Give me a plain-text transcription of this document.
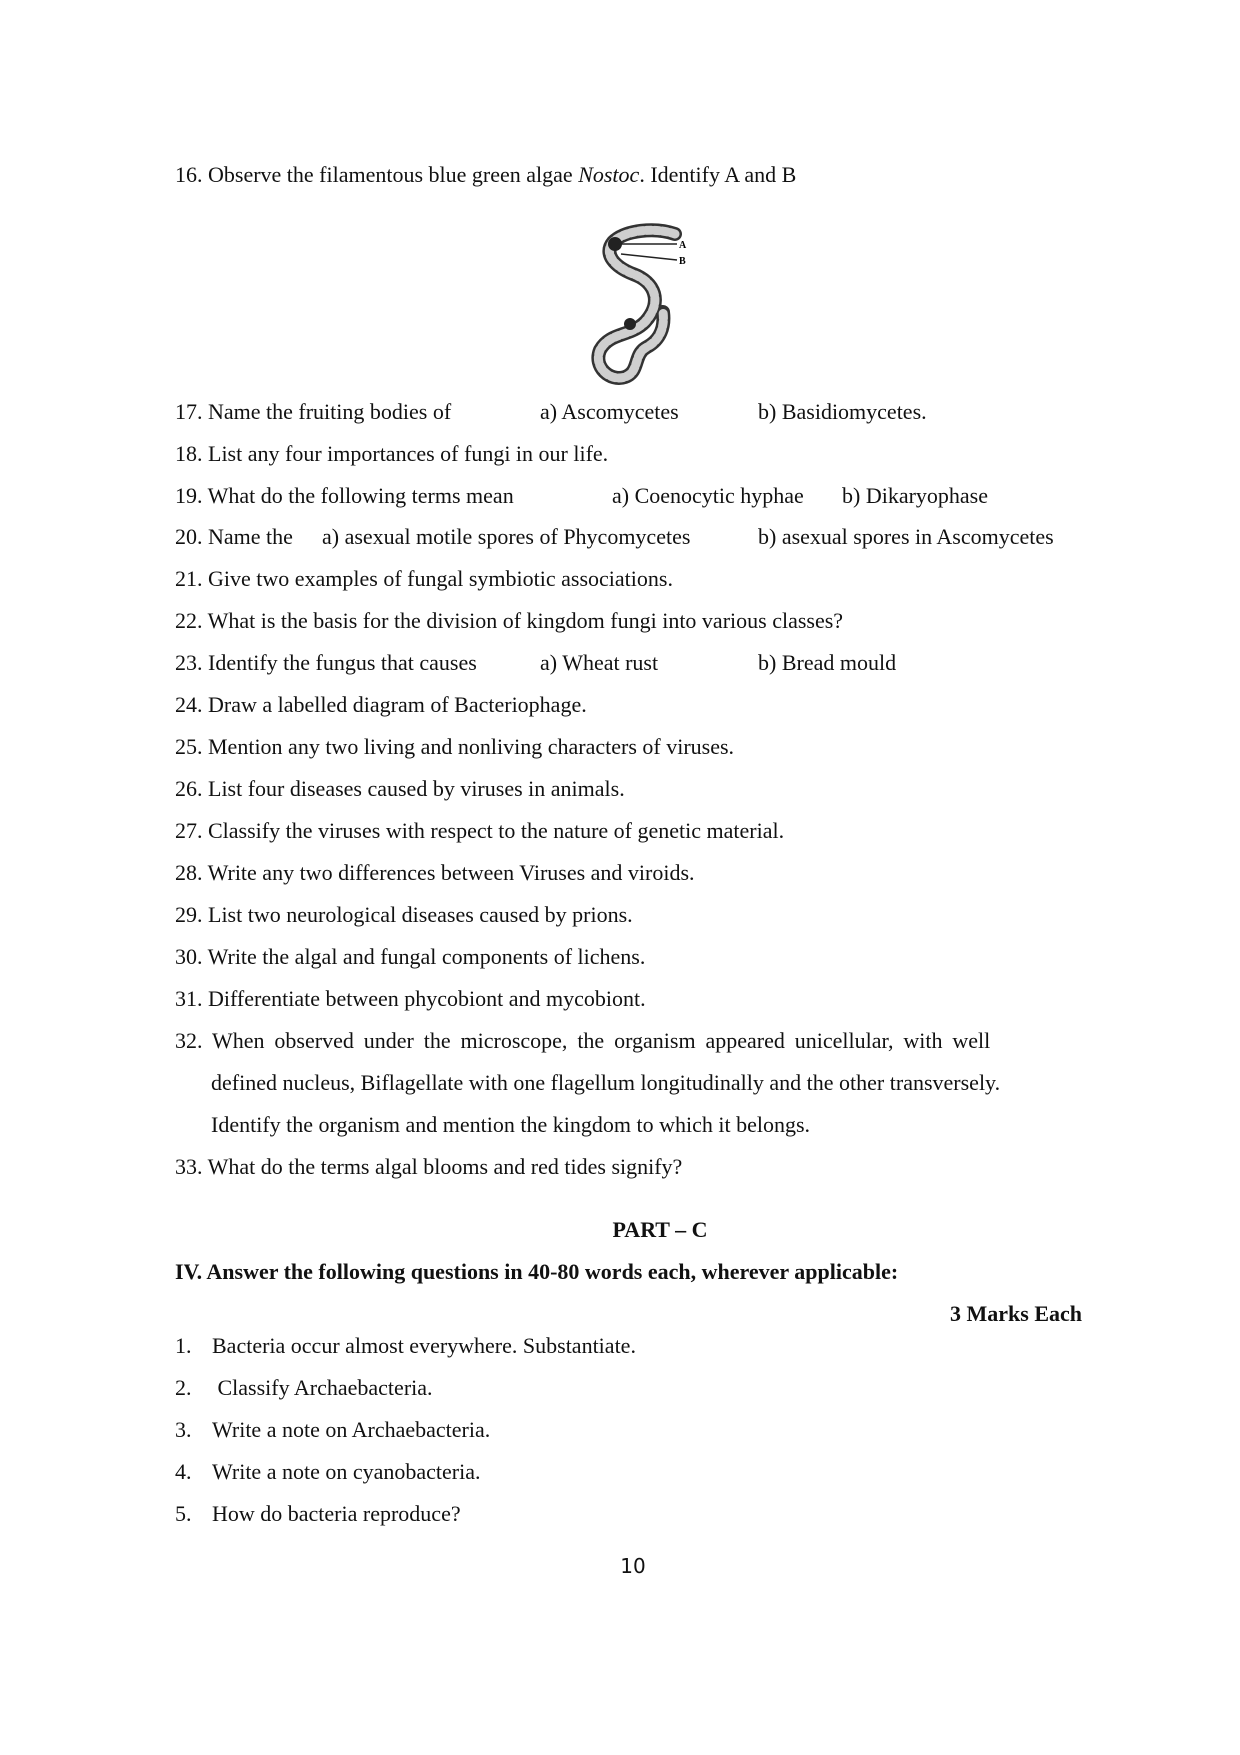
16. Observe the filamentous blue green algae Nostoc. Identify A and B
A
B
17. Name the fruiting bodies of	a) Ascomycetes	b) Basidiomycetes.
18. List any four importances of fungi in our life.
19. What do the following terms mean	a) Coenocytic hyphae b) Dikaryophase
20. Name the a) asexual motile spores of Phycomycetes	b) asexual spores in Ascomycetes
21. Give two examples of fungal symbiotic associations.
22. What is the basis for the division of kingdom fungi into various classes?
23. Identify the fungus that causes	a) Wheat rust	b) Bread mould
24. Draw a labelled diagram of Bacteriophage.
25. Mention any two living and nonliving characters of viruses.
26. List four diseases caused by viruses in animals.
27. Classify the viruses with respect to the nature of genetic material.
28. Write any two differences between Viruses and viroids.
29. List two neurological diseases caused by prions.
30. Write the algal and fungal components of lichens.
31. Differentiate between phycobiont and mycobiont.
32. When observed under the microscope, the organism appeared unicellular, with well
defined nucleus, Biflagellate with one flagellum longitudinally and the other transversely.
Identify the organism and mention the kingdom to which it belongs.
33. What do the terms algal blooms and red tides signify?
PART – C
IV. Answer the following questions in 40-80 words each, wherever applicable:
3 Marks Each
1. Bacteria occur almost everywhere. Substantiate.
2. Classify Archaebacteria.
3. Write a note on Archaebacteria.
4. Write a note on cyanobacteria.
5. How do bacteria reproduce?
10
